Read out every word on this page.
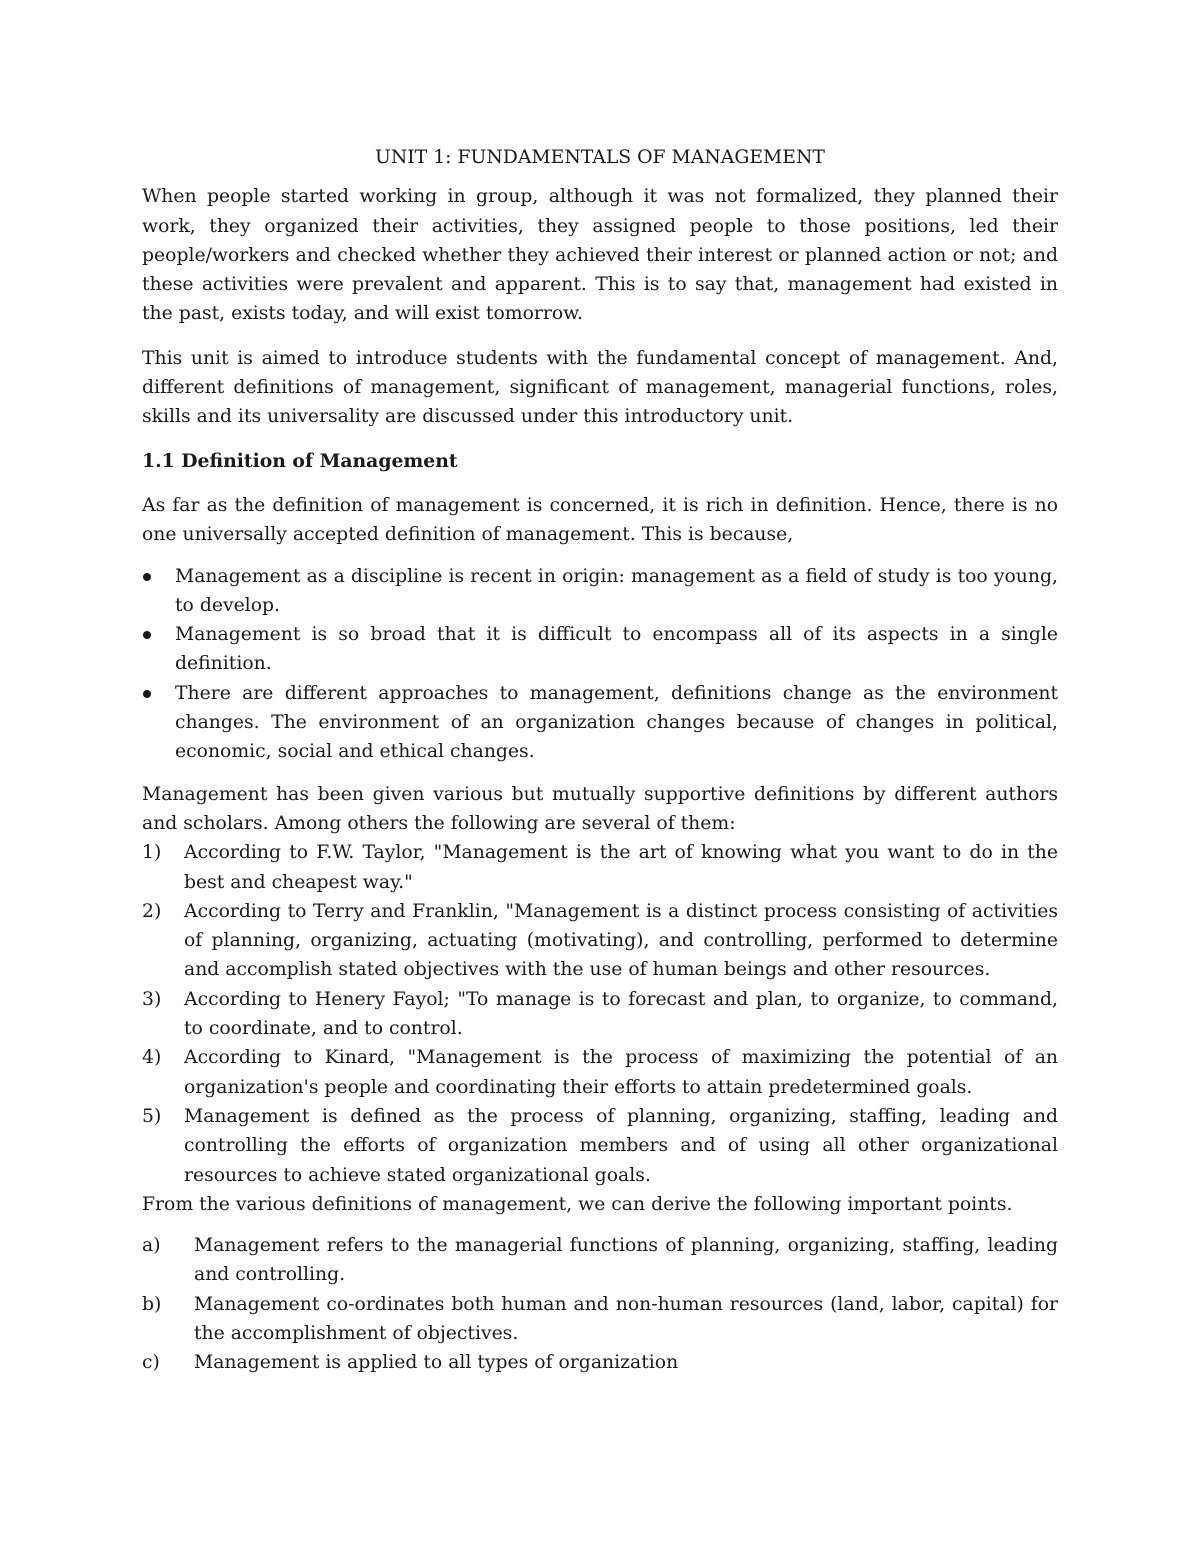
UNIT 1: FUNDAMENTALS OF MANAGEMENT

When people started working in group, although it was not formalized, they planned their work, they organized their activities, they assigned people to those positions, led their people/workers and checked whether they achieved their interest or planned action or not; and these activities were prevalent and apparent. This is to say that, management had existed in the past, exists today, and will exist tomorrow.

This unit is aimed to introduce students with the fundamental concept of management. And, different definitions of management, significant of management, managerial functions, roles, skills and its universality are discussed under this introductory unit.

1.1 Definition of Management

As far as the definition of management is concerned, it is rich in definition. Hence, there is no one universally accepted definition of management. This is because,

Management as a discipline is recent in origin: management as a field of study is too young, to develop.
Management is so broad that it is difficult to encompass all of its aspects in a single definition.
There are different approaches to management, definitions change as the environment changes. The environment of an organization changes because of changes in political, economic, social and ethical changes.

Management has been given various but mutually supportive definitions by different authors and scholars. Among others the following are several of them:

1) According to F.W. Taylor, "Management is the art of knowing what you want to do in the best and cheapest way."
2) According to Terry and Franklin, "Management is a distinct process consisting of activities of planning, organizing, actuating (motivating), and controlling, performed to determine and accomplish stated objectives with the use of human beings and other resources.
3) According to Henery Fayol; "To manage is to forecast and plan, to organize, to command, to coordinate, and to control.
4) According to Kinard, "Management is the process of maximizing the potential of an organization's people and coordinating their efforts to attain predetermined goals.
5) Management is defined as the process of planning, organizing, staffing, leading and controlling the efforts of organization members and of using all other organizational resources to achieve stated organizational goals.

From the various definitions of management, we can derive the following important points.

a) Management refers to the managerial functions of planning, organizing, staffing, leading and controlling.
b) Management co-ordinates both human and non-human resources (land, labor, capital) for the accomplishment of objectives.
c) Management is applied to all types of organization
